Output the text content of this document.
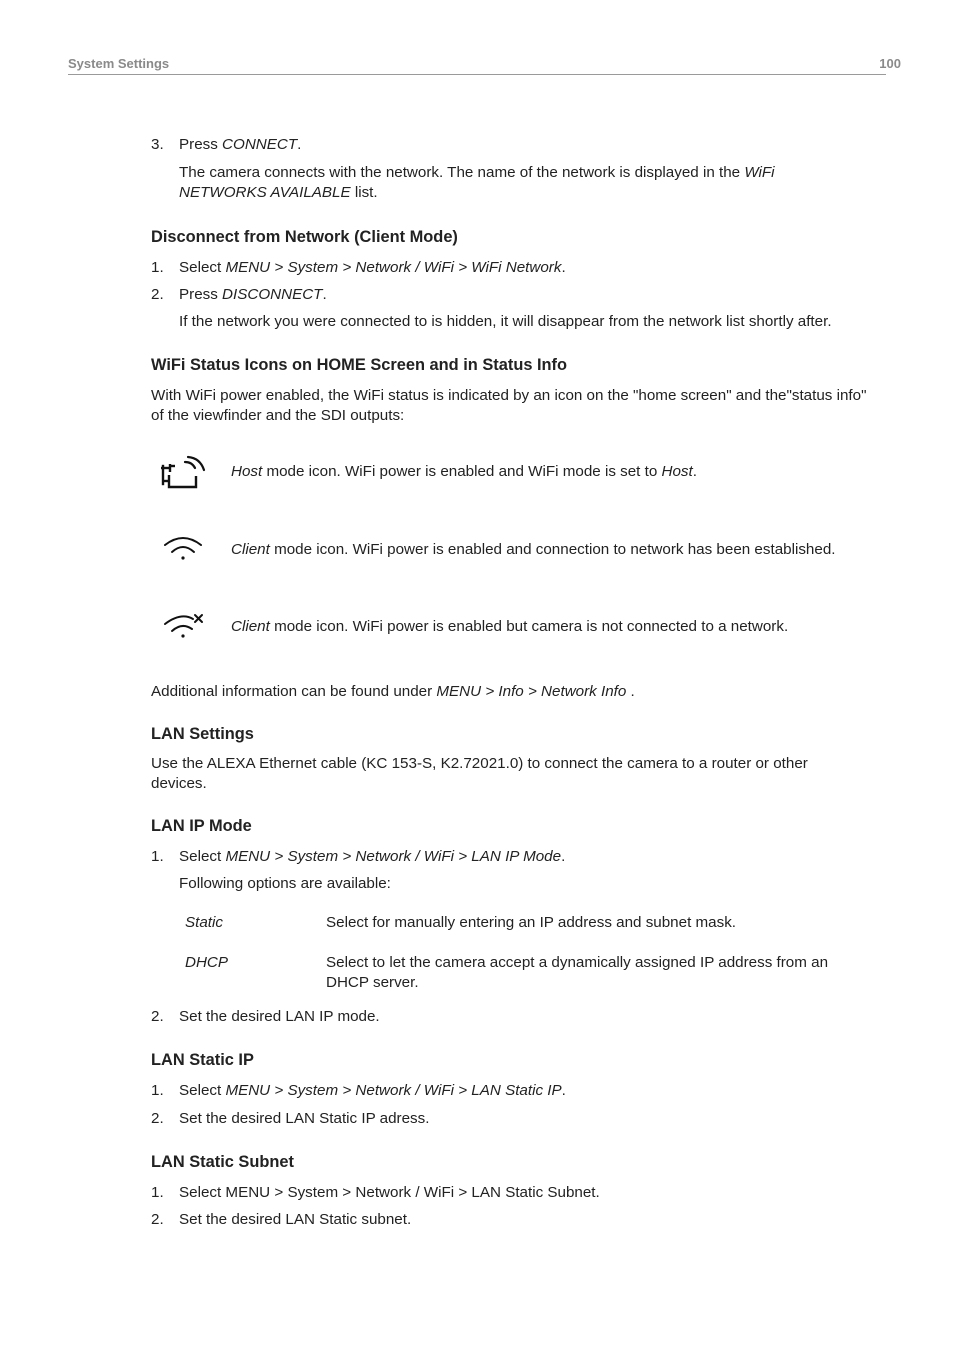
System Settings	100
3. Press CONNECT.
The camera connects with the network. The name of the network is displayed in the WiFi NETWORKS AVAILABLE list.
Disconnect from Network (Client Mode)
1. Select MENU > System > Network / WiFi > WiFi Network.
2. Press DISCONNECT.
If the network you were connected to is hidden, it will disappear from the network list shortly after.
WiFi Status Icons on HOME Screen and in Status Info
With WiFi power enabled, the WiFi status is indicated by an icon on the "home screen" and the"status info" of the viewfinder and the SDI outputs:
Host mode icon. WiFi power is enabled and WiFi mode is set to Host.
Client mode icon. WiFi power is enabled and connection to network has been established.
Client mode icon. WiFi power is enabled but camera is not connected to a network.
Additional information can be found under MENU > Info > Network Info .
LAN Settings
Use the ALEXA Ethernet cable (KC 153-S, K2.72021.0) to connect the camera to a router or other devices.
LAN IP Mode
1. Select MENU > System > Network / WiFi > LAN IP Mode.
Following options are available:
Static	Select for manually entering an IP address and subnet mask.
DHCP	Select to let the camera accept a dynamically assigned IP address from an DHCP server.
2. Set the desired LAN IP mode.
LAN Static IP
1. Select MENU > System > Network / WiFi > LAN Static IP.
2. Set the desired LAN Static IP adress.
LAN Static Subnet
1. Select MENU > System > Network / WiFi > LAN Static Subnet.
2. Set the desired LAN Static subnet.
